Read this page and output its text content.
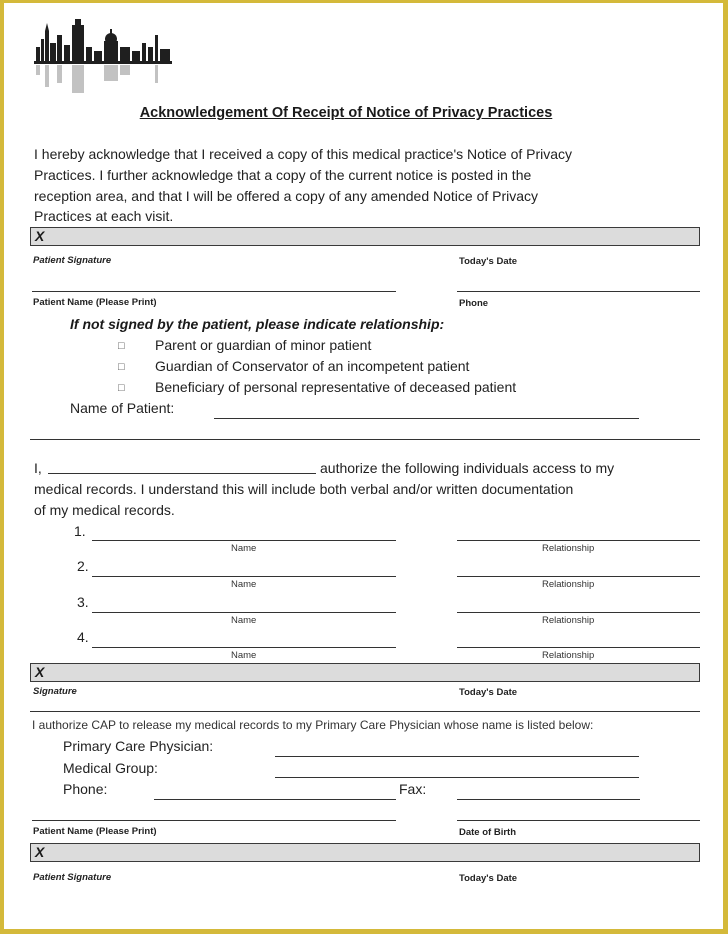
Acknowledgement Of Receipt of Notice of Privacy Practices
I hereby acknowledge that I received a copy of this medical practice's Notice of Privacy
Practices. I further acknowledge that a copy of the current notice is posted in the
reception area, and that I will be offered a copy of any amended Notice of Privacy
Practices at each visit.
X
Patient Signature	Today's Date
Patient Name (Please Print)	Phone
If not signed by the patient, please indicate relationship:
□ Parent or guardian of minor patient
□ Guardian of Conservator of an incompetent patient
□ Beneficiary of personal representative of deceased patient
Name of Patient:
I,	authorize the following individuals access to my
medical records. I understand this will include both verbal and/or written documentation
of my medical records.
1.
Name	Relationship
2.
Name	Relationship
3.
Name	Relationship
4.
Name	Relationship
X
Signature	Today's Date
I authorize CAP to release my medical records to my Primary Care Physician whose name is listed below:
Primary Care Physician:
Medical Group:
Phone:	Fax:
Patient Name (Please Print)	Date of Birth
X
Patient Signature	Today's Date
